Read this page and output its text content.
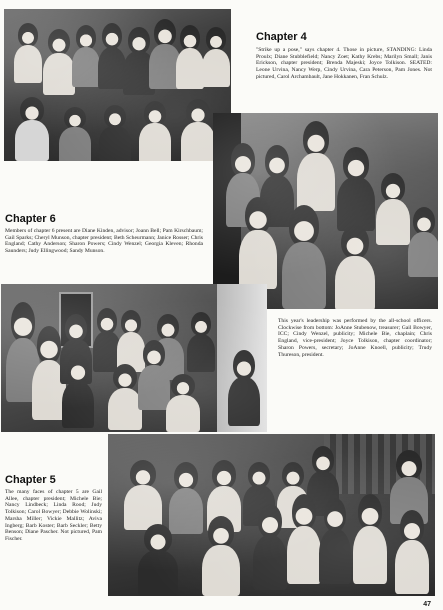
Chapter 4

"Strike up a pose," says chapter 4. Those in picture, STANDING: Linda Proulx; Diane Stubblefield; Nancy Zoet; Kathy Krebs; Marilyn Small; Janis Erickson, chapter president; Brenda Majeski; Joyce Tolkison. SEATED: Leone Urvina, Nancy Werp, Cindy Urvina, Cara Peterson, Pam Jones. Not pictured, Carol Archambault, Jane Hokkanen, Fran Schulz.

Chapter 6

Members of chapter 6 present are Diane Kinden, advisor; Joann Bell; Pam Kirschbaum; Gail Sparks; Cheryl Munson, chapter president; Beth Scheurmann; Janice Rosser; Chris England; Cathy Anderson; Sharon Powers; Cindy Wenzel; Georgia Kleven; Rhonda Saunders; Judy Ellingwood; Sandy Munson.

This year's leadership was performed by the all-school officers. Clockwise from bottom: JoAnne Stubenow, treasurer; Gail Bowyer, ICC; Cindy Wenzel, publicity; Michele Bie, chaplain; Chris England, vice-president; Joyce Tolkison, chapter coordinator; Sharon Powers, secretary; JoAnne Knoell, publicity; Trudy Thureson, president.

Chapter 5

The many faces of chapter 5 are Gail Allee, chapter president; Michele Bie; Nancy Lindbeck; Linda Rood; Judy Tolkison; Carol Bowyer; Debbie Wolinski; Marsha Miller; Vickie Mallitz; Aviva Ingberg; Barb Koster; Barb Seckler; Betty Benson; Diane Pascher. Not pictured, Pam Fischer.

47
